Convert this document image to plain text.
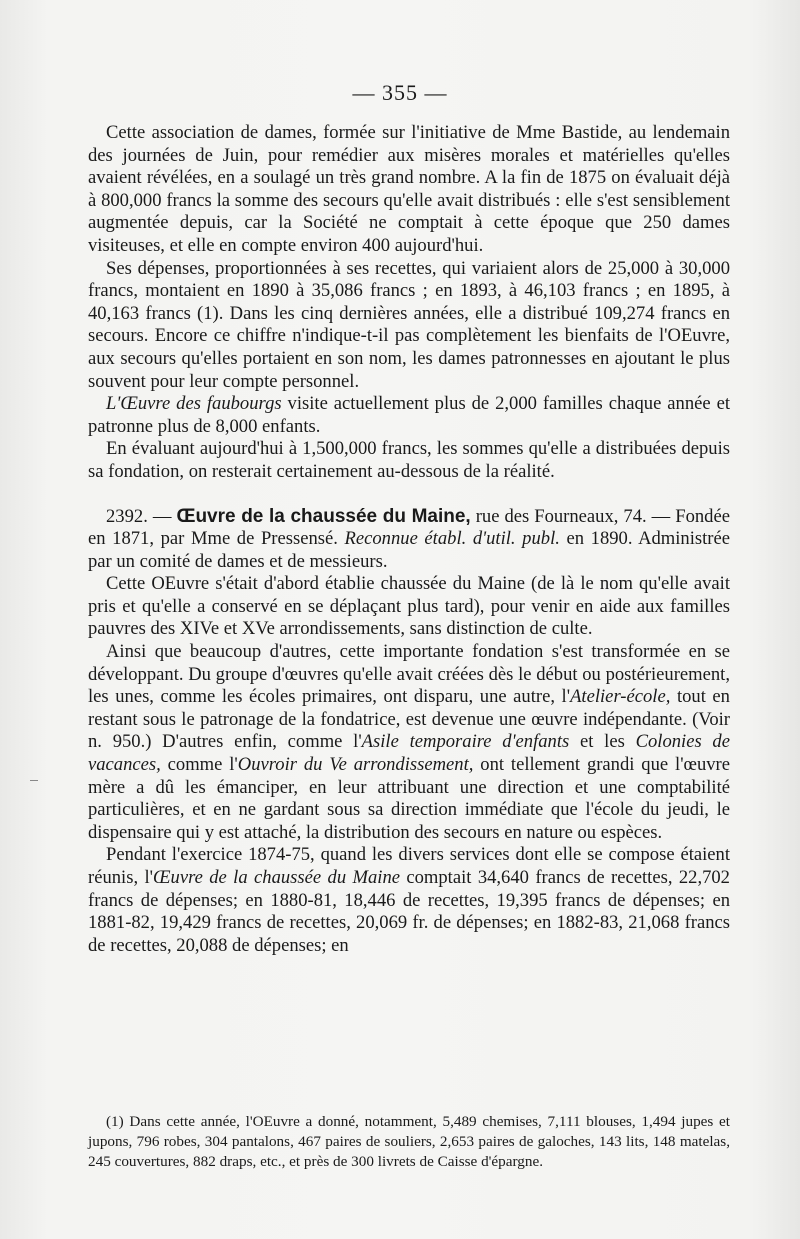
— 355 —

Cette association de dames, formée sur l'initiative de Mme Bastide, au lendemain des journées de Juin, pour remédier aux misères morales et matérielles qu'elles avaient révélées, en a soulagé un très grand nombre. A la fin de 1875 on évaluait déjà à 800,000 francs la somme des secours qu'elle avait distribués : elle s'est sensiblement augmentée depuis, car la Société ne comptait à cette époque que 250 dames visiteuses, et elle en compte environ 400 aujourd'hui.

Ses dépenses, proportionnées à ses recettes, qui variaient alors de 25,000 à 30,000 francs, montaient en 1890 à 35,086 francs ; en 1893, à 46,103 francs ; en 1895, à 40,163 francs (1). Dans les cinq dernières années, elle a distribué 109,274 francs en secours. Encore ce chiffre n'indique-t-il pas complètement les bienfaits de l'OEuvre, aux secours qu'elles portaient en son nom, les dames patronnesses en ajoutant le plus souvent pour leur compte personnel.

L'Œuvre des faubourgs visite actuellement plus de 2,000 familles chaque année et patronne plus de 8,000 enfants.

En évaluant aujourd'hui à 1,500,000 francs, les sommes qu'elle a distribuées depuis sa fondation, on resterait certainement au-dessous de la réalité.

2392. — Œuvre de la chaussée du Maine, rue des Fourneaux, 74. — Fondée en 1871, par Mme de Pressensé. Reconnue établ. d'util. publ. en 1890. Administrée par un comité de dames et de messieurs.

Cette OEuvre s'était d'abord établie chaussée du Maine (de là le nom qu'elle avait pris et qu'elle a conservé en se déplaçant plus tard), pour venir en aide aux familles pauvres des XIVe et XVe arrondissements, sans distinction de culte.

Ainsi que beaucoup d'autres, cette importante fondation s'est transformée en se développant. Du groupe d'œuvres qu'elle avait créées dès le début ou postérieurement, les unes, comme les écoles primaires, ont disparu, une autre, l'Atelier-école, tout en restant sous le patronage de la fondatrice, est devenue une œuvre indépendante. (Voir n. 950.) D'autres enfin, comme l'Asile temporaire d'enfants et les Colonies de vacances, comme l'Ouvroir du Ve arrondissement, ont tellement grandi que l'œuvre mère a dû les émanciper, en leur attribuant une direction et une comptabilité particulières, et en ne gardant sous sa direction immédiate que l'école du jeudi, le dispensaire qui y est attaché, la distribution des secours en nature ou espèces.

Pendant l'exercice 1874-75, quand les divers services dont elle se compose étaient réunis, l'Œuvre de la chaussée du Maine comptait 34,640 francs de recettes, 22,702 francs de dépenses; en 1880-81, 18,446 de recettes, 19,395 francs de dépenses; en 1881-82, 19,429 francs de recettes, 20,069 fr. de dépenses; en 1882-83, 21,068 francs de recettes, 20,088 de dépenses; en

(1) Dans cette année, l'OEuvre a donné, notamment, 5,489 chemises, 7,111 blouses, 1,494 jupes et jupons, 796 robes, 304 pantalons, 467 paires de souliers, 2,653 paires de galoches, 143 lits, 148 matelas, 245 couvertures, 882 draps, etc., et près de 300 livrets de Caisse d'épargne.
